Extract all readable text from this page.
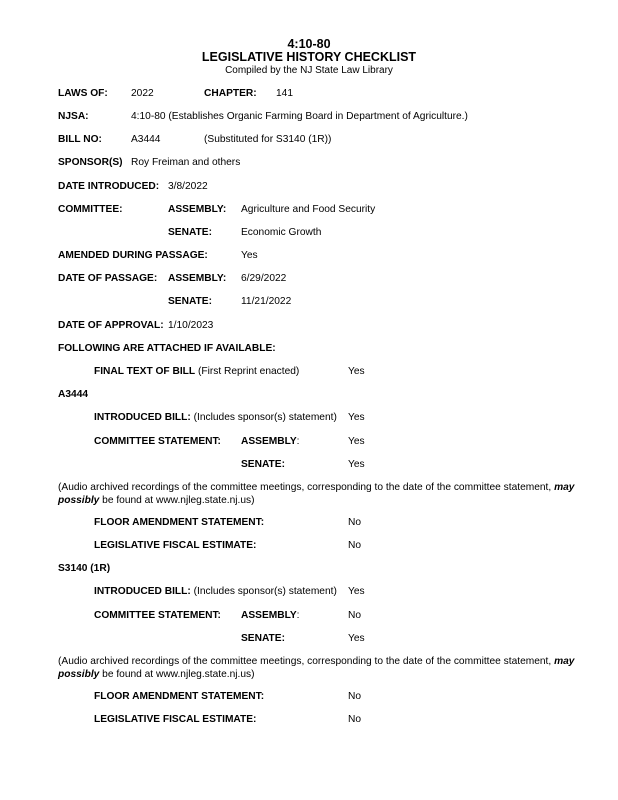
4:10-80
LEGISLATIVE HISTORY CHECKLIST
Compiled by the NJ State Law Library
LAWS OF: 2022	CHAPTER: 141
NJSA:	4:10-80 (Establishes Organic Farming Board in Department of Agriculture.)
BILL NO:	A3444	(Substituted for S3140 (1R))
SPONSOR(S) Roy Freiman and others
DATE INTRODUCED: 3/8/2022
COMMITTEE:	ASSEMBLY: Agriculture and Food Security
SENATE:	Economic Growth
AMENDED DURING PASSAGE:	Yes
DATE OF PASSAGE: ASSEMBLY: 6/29/2022
SENATE:	11/21/2022
DATE OF APPROVAL: 1/10/2023
FOLLOWING ARE ATTACHED IF AVAILABLE:
FINAL TEXT OF BILL (First Reprint enacted)	Yes
A3444
INTRODUCED BILL: (Includes sponsor(s) statement) Yes
COMMITTEE STATEMENT: ASSEMBLY:	Yes
SENATE:	Yes
(Audio archived recordings of the committee meetings, corresponding to the date of the committee statement, may possibly be found at www.njleg.state.nj.us)
FLOOR AMENDMENT STATEMENT:	No
LEGISLATIVE FISCAL ESTIMATE:	No
S3140 (1R)
INTRODUCED BILL: (Includes sponsor(s) statement) Yes
COMMITTEE STATEMENT: ASSEMBLY:	No
SENATE:	Yes
(Audio archived recordings of the committee meetings, corresponding to the date of the committee statement, may possibly be found at www.njleg.state.nj.us)
FLOOR AMENDMENT STATEMENT:	No
LEGISLATIVE FISCAL ESTIMATE:	No
